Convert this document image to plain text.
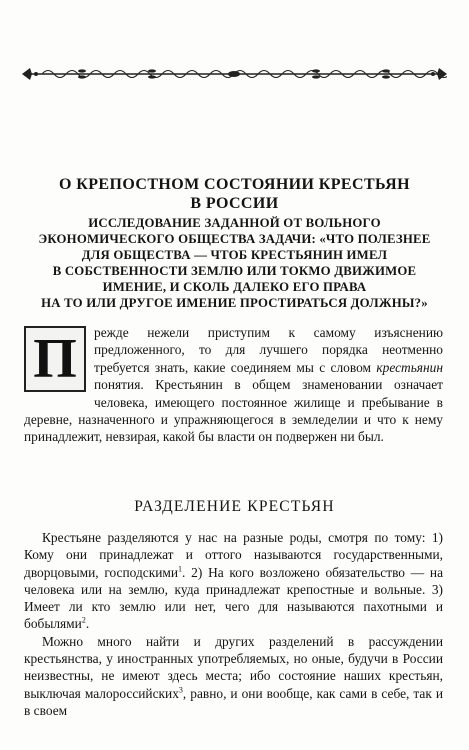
О КРЕПОСТНОМ СОСТОЯНИИ КРЕСТЬЯН
В РОССИИ

ИССЛЕДОВАНИЕ ЗАДАННОЙ ОТ ВОЛЬНОГО
ЭКОНОМИЧЕСКОГО ОБЩЕСТВА ЗАДАЧИ: «ЧТО ПОЛЕЗНЕЕ
ДЛЯ ОБЩЕСТВА — ЧТОБ КРЕСТЬЯНИН ИМЕЛ
В СОБСТВЕННОСТИ ЗЕМЛЮ ИЛИ ТОКМО ДВИЖИМОЕ
ИМЕНИЕ, И СКОЛЬ ДАЛЕКО ЕГО ПРАВА
НА ТО ИЛИ ДРУГОЕ ИМЕНИЕ ПРОСТИРАТЬСЯ ДОЛЖНЫ?»

П	режде нежели приступим к самому изъяснению предложенного, то для лучшего порядка неотменно требуется знать, какие соединяем мы с словом крестьянин понятия. Крестьянин в общем знаменовании означает человека, имеющего постоянное жилище и пребывание в деревне, назначенного и упражняющегося в земледелии и что к нему принадлежит, невзирая, какой бы власти он подвержен ни был.

РАЗДЕЛЕНИЕ КРЕСТЬЯН

Крестьяне разделяются у нас на разные роды, смотря по тому: 1) Кому они принадлежат и оттого называются государственными, дворцовыми, господскими$^1$. 2) На кого возложено обязательство — на человека или на землю, куда принадлежат крепостные и вольные. 3) Имеет ли кто землю или нет, чего для называются пахотными и бобылями$^2$.

Можно много найти и других разделений в рассуждении крестьянства, у иностранных употребляемых, но оные, будучи в России неизвестны, не имеют здесь места; ибо состояние наших крестьян, выключая малороссийских$^3$, равно, и они вообще, как сами в себе, так и в своем
